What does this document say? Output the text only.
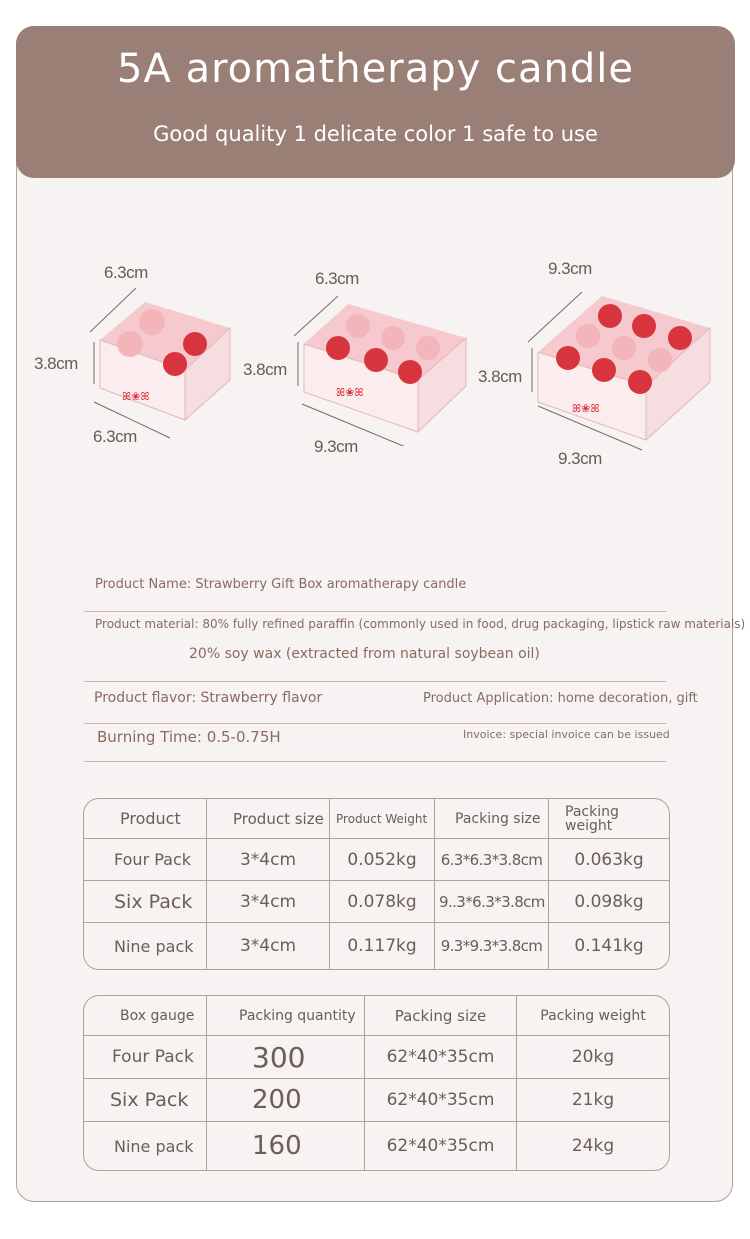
5A aromatherapy candle

Good quality 1 delicate color 1 safe to use

ꕤ❀ꕤ
6.3cm
3.8cm
6.3cm
ꕤ❀ꕤ
6.3cm
3.8cm
9.3cm
ꕤ❀ꕤ
9.3cm
3.8cm
9.3cm
Product Name: Strawberry Gift Box aromatherapy candle
Product material: 80% fully refined paraffin (commonly used in food, drug packaging, lipstick raw materials)
20% soy wax (extracted from natural soybean oil)
Product flavor: Strawberry flavor	Product Application: home decoration, gift
Burning Time: 0.5-0.75H	Invoice: special invoice can be issued
Product	Product size	Product Weight	Packing size	Packing weight
Four Pack	3*4cm	0.052kg	6.3*6.3*3.8cm	0.063kg
Six Pack	3*4cm	0.078kg	9..3*6.3*3.8cm	0.098kg
Nine pack	3*4cm	0.117kg	9.3*9.3*3.8cm	0.141kg
Box gauge	Packing quantity	Packing size	Packing weight
Four Pack	300	62*40*35cm	20kg
Six Pack	200	62*40*35cm	21kg
Nine pack	160	62*40*35cm	24kg
